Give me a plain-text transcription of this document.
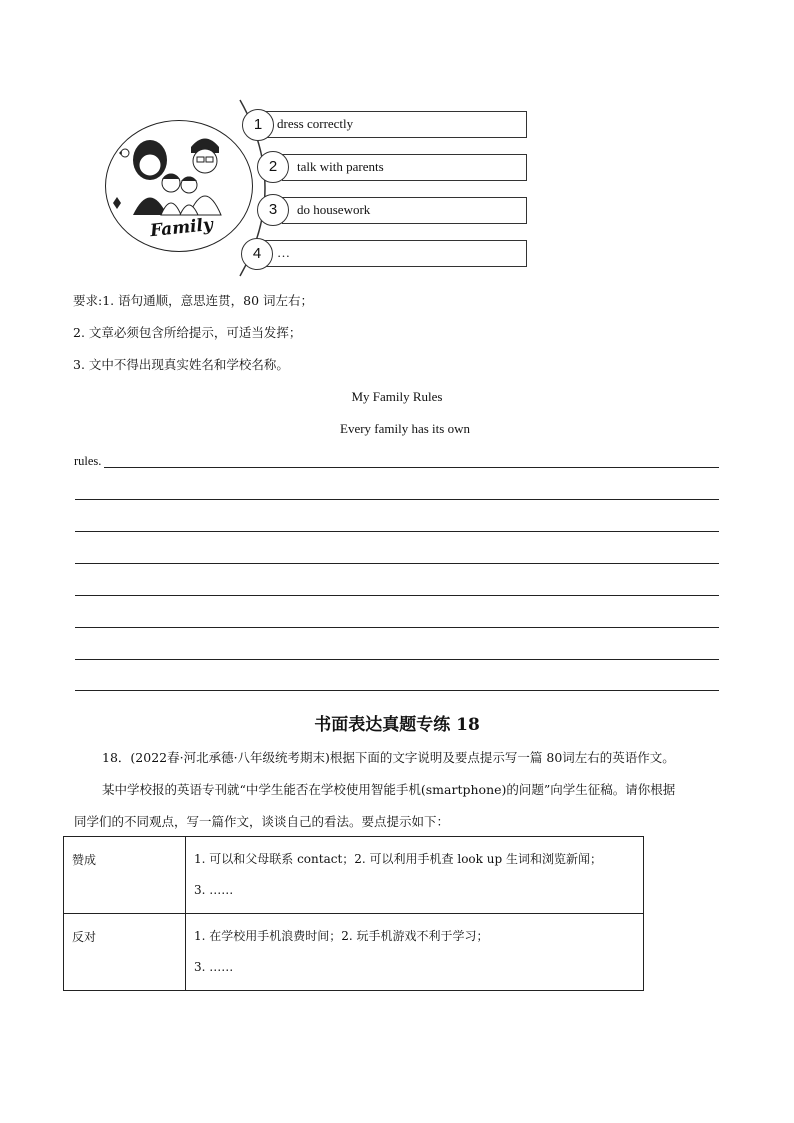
Family
dress correctly
1
talk with parents
2
do housework
3
…
4
要求:1. 语句通顺，意思连贯，80 词左右；
2. 文章必须包含所给提示，可适当发挥；
3. 文中不得出现真实姓名和学校名称。
My Family Rules
Every family has its own
rules.
书面表达真题专练 18
18．(2022春·河北承德·八年级统考期末)根据下面的文字说明及要点提示写一篇 80词左右的英语作文。
某中学校报的英语专刊就“中学生能否在学校使用智能手机(smartphone)的问题”向学生征稿。请你根据
同学们的不同观点，写一篇作文，谈谈自己的看法。要点提示如下：
赞成	1. 可以和父母联系 contact；2. 可以利用手机查 look up 生词和浏览新闻；
3. ……

反对	1. 在学校用手机浪费时间；2. 玩手机游戏不利于学习；
3. ……
